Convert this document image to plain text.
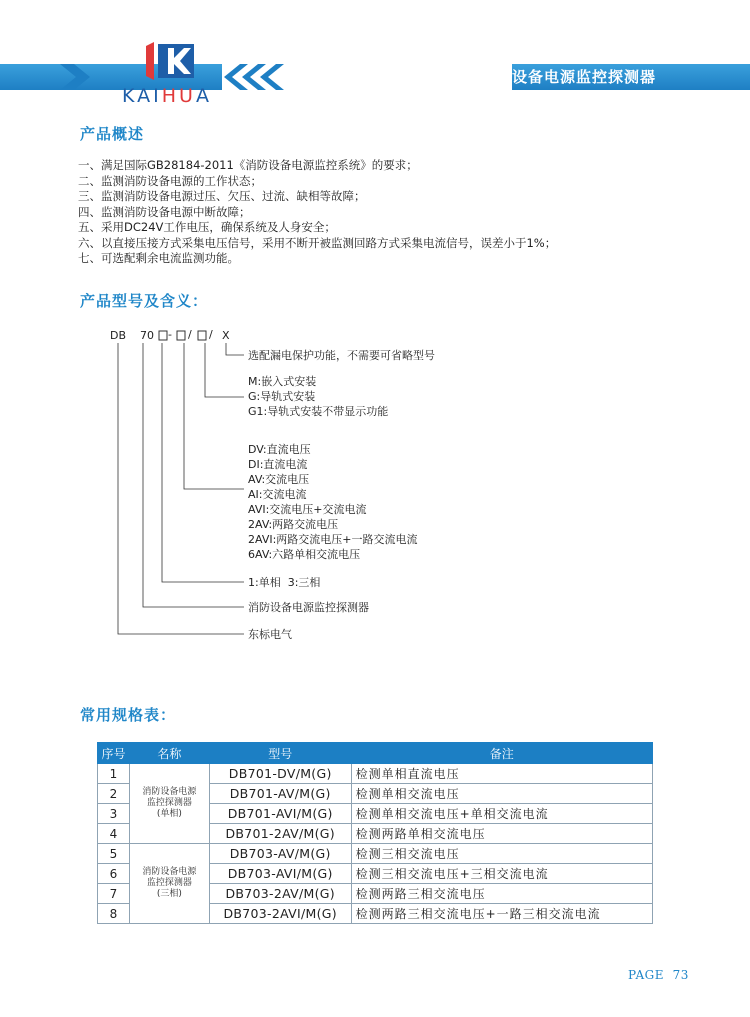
KAIHUA
消防设备电源监控探测器
产品概述
一、满足国际GB28184-2011《消防设备电源监控系统》的要求；
二、监测消防设备电源的工作状态；
三、监测消防设备电源过压、欠压、过流、缺相等故障；
四、监测消防设备电源中断故障；
五、采用DC24V工作电压，确保系统及人身安全；
六、以直接压接方式采集电压信号，采用不断开被监测回路方式采集电流信号，误差小于1%；
七、可选配剩余电流监测功能。
产品型号及含义：
DB 70 - / / X
选配漏电保护功能，不需要可省略型号
M:嵌入式安装
G:导轨式安装
G1:导轨式安装不带显示功能
DV:直流电压
DI:直流电流
AV:交流电压
AI:交流电流
AVI:交流电压+交流电流
2AV:两路交流电压
2AVI:两路交流电压+一路交流电流
6AV:六路单相交流电压
1:单相  3:三相
消防设备电源监控探测器
东标电气
常用规格表：
序号	名称	型号	备注
1	消防设备电源
监控探测器
(单相)	DB701-DV/M(G)	检测单相直流电压
2		DB701-AV/M(G)	检测单相交流电压
3		DB701-AVI/M(G)	检测单相交流电压+单相交流电流
4		DB701-2AV/M(G)	检测两路单相交流电压
5	消防设备电源
监控探测器
(三相)	DB703-AV/M(G)	检测三相交流电压
6		DB703-AVI/M(G)	检测三相交流电压+三相交流电流
7		DB703-2AV/M(G)	检测两路三相交流电压
8		DB703-2AVI/M(G)	检测两路三相交流电压+一路三相交流电流
PAGE  73
